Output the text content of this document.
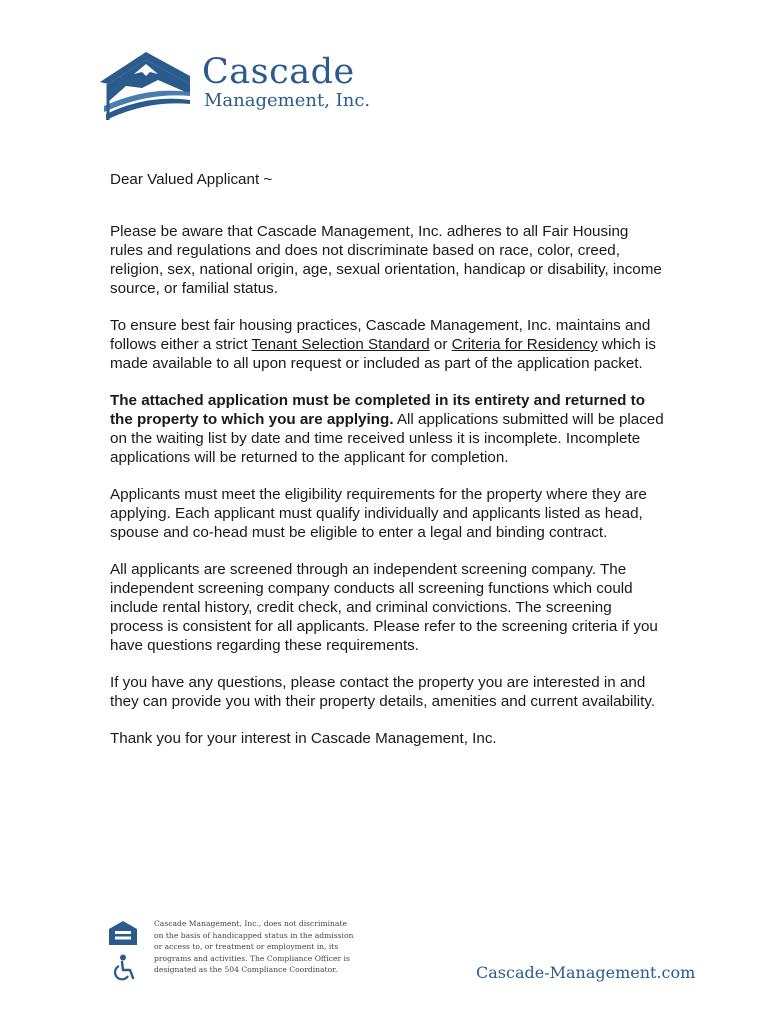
Cascade
Management, Inc.

Dear Valued Applicant ~

Please be aware that Cascade Management, Inc. adheres to all Fair Housing rules and regulations and does not discriminate based on race, color, creed, religion, sex, national origin, age, sexual orientation, handicap or disability, income source, or familial status.

To ensure best fair housing practices, Cascade Management, Inc. maintains and follows either a strict Tenant Selection Standard or Criteria for Residency which is made available to all upon request or included as part of the application packet.

The attached application must be completed in its entirety and returned to the property to which you are applying. All applications submitted will be placed on the waiting list by date and time received unless it is incomplete. Incomplete applications will be returned to the applicant for completion.

Applicants must meet the eligibility requirements for the property where they are applying. Each applicant must qualify individually and applicants listed as head, spouse and co-head must be eligible to enter a legal and binding contract.

All applicants are screened through an independent screening company. The independent screening company conducts all screening functions which could include rental history, credit check, and criminal convictions. The screening process is consistent for all applicants. Please refer to the screening criteria if you have questions regarding these requirements.

If you have any questions, please contact the property you are interested in and they can provide you with their property details, amenities and current availability.

Thank you for your interest in Cascade Management, Inc.

Cascade Management, Inc., does not discriminate
on the basis of handicapped status in the admission
or access to, or treatment or employment in, its
programs and activities. The Compliance Officer is
designated as the 504 Compliance Coordinator.	Cascade-Management.com
